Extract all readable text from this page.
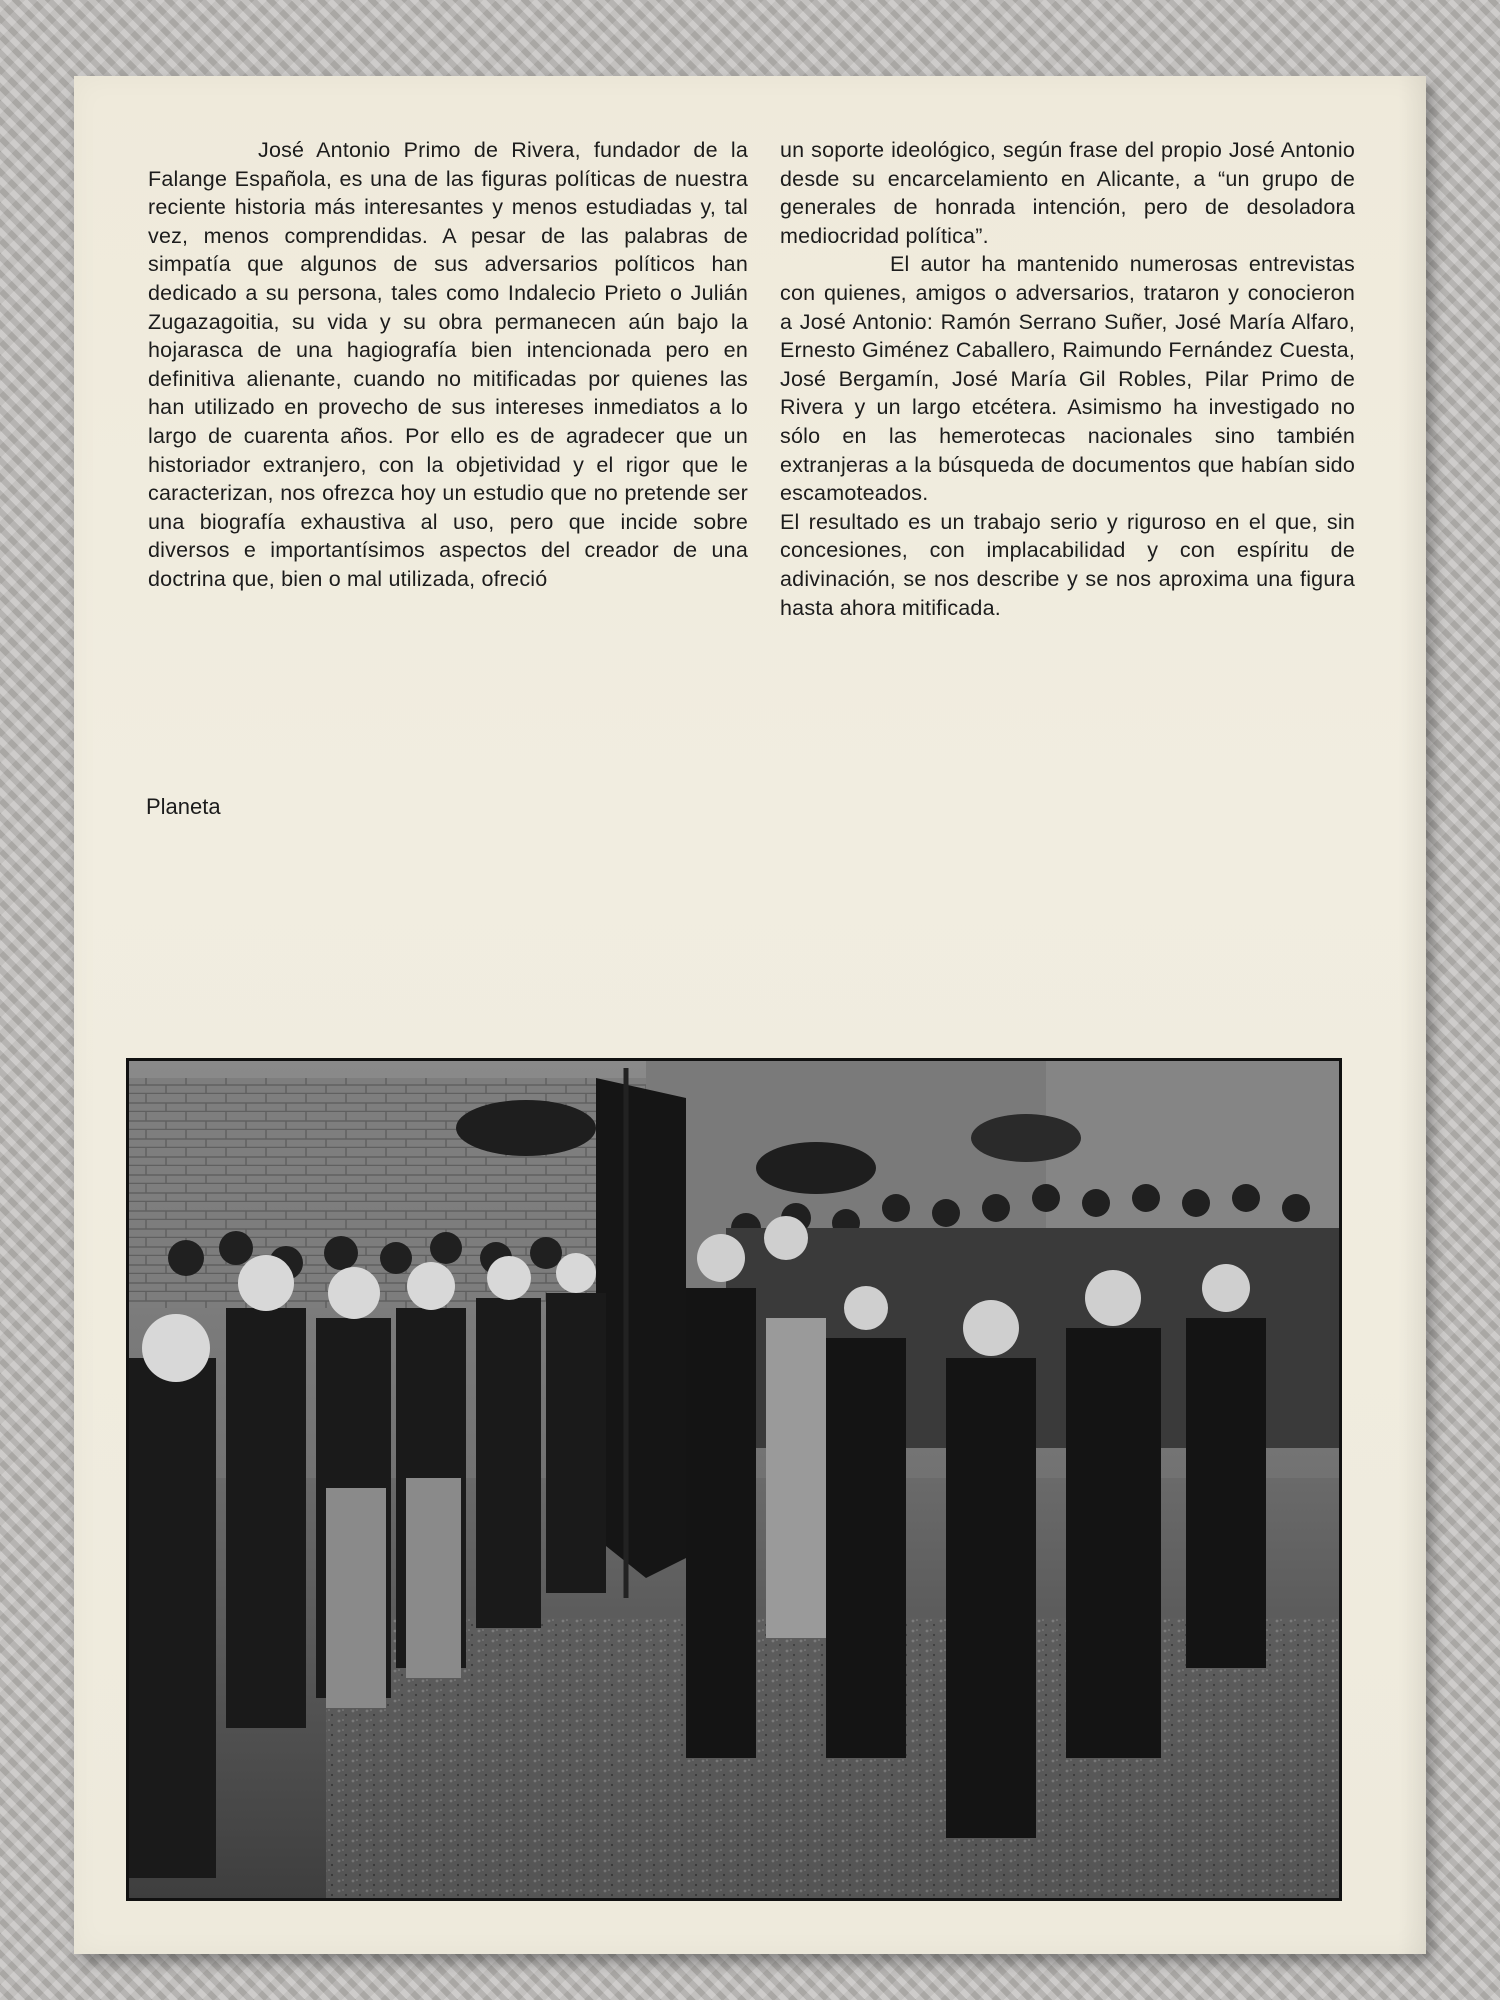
José Antonio Primo de Rivera, fundador de la Falange Española, es una de las figuras políticas de nuestra reciente historia más interesantes y menos estudiadas y, tal vez, menos comprendidas. A pesar de las palabras de simpatía que algunos de sus adversarios políticos han dedicado a su persona, tales como Indalecio Prieto o Julián Zugazagoitia, su vida y su obra permanecen aún bajo la hojarasca de una hagiografía bien intencionada pero en definitiva alienante, cuando no mitificadas por quienes las han utilizado en provecho de sus intereses inmediatos a lo largo de cuarenta años. Por ello es de agradecer que un historiador extranjero, con la objetividad y el rigor que le caracterizan, nos ofrezca hoy un estudio que no pretende ser una biografía exhaustiva al uso, pero que incide sobre diversos e importantísimos aspectos del creador de una doctrina que, bien o mal utilizada, ofreció

un soporte ideológico, según frase del propio José Antonio desde su encarcelamiento en Alicante, a “un grupo de generales de honrada intención, pero de desoladora mediocridad política”.

El autor ha mantenido numerosas entrevistas con quienes, amigos o adversarios, trataron y conocieron a José Antonio: Ramón Serrano Suñer, José María Alfaro, Ernesto Giménez Caballero, Raimundo Fernández Cuesta, José Bergamín, José María Gil Robles, Pilar Primo de Rivera y un largo etcétera. Asimismo ha investigado no sólo en las hemerotecas nacionales sino también extranjeras a la búsqueda de documentos que habían sido escamoteados.

El resultado es un trabajo serio y riguroso en el que, sin concesiones, con implacabilidad y con espíritu de adivinación, se nos describe y se nos aproxima una figura hasta ahora mitificada.

Planeta
